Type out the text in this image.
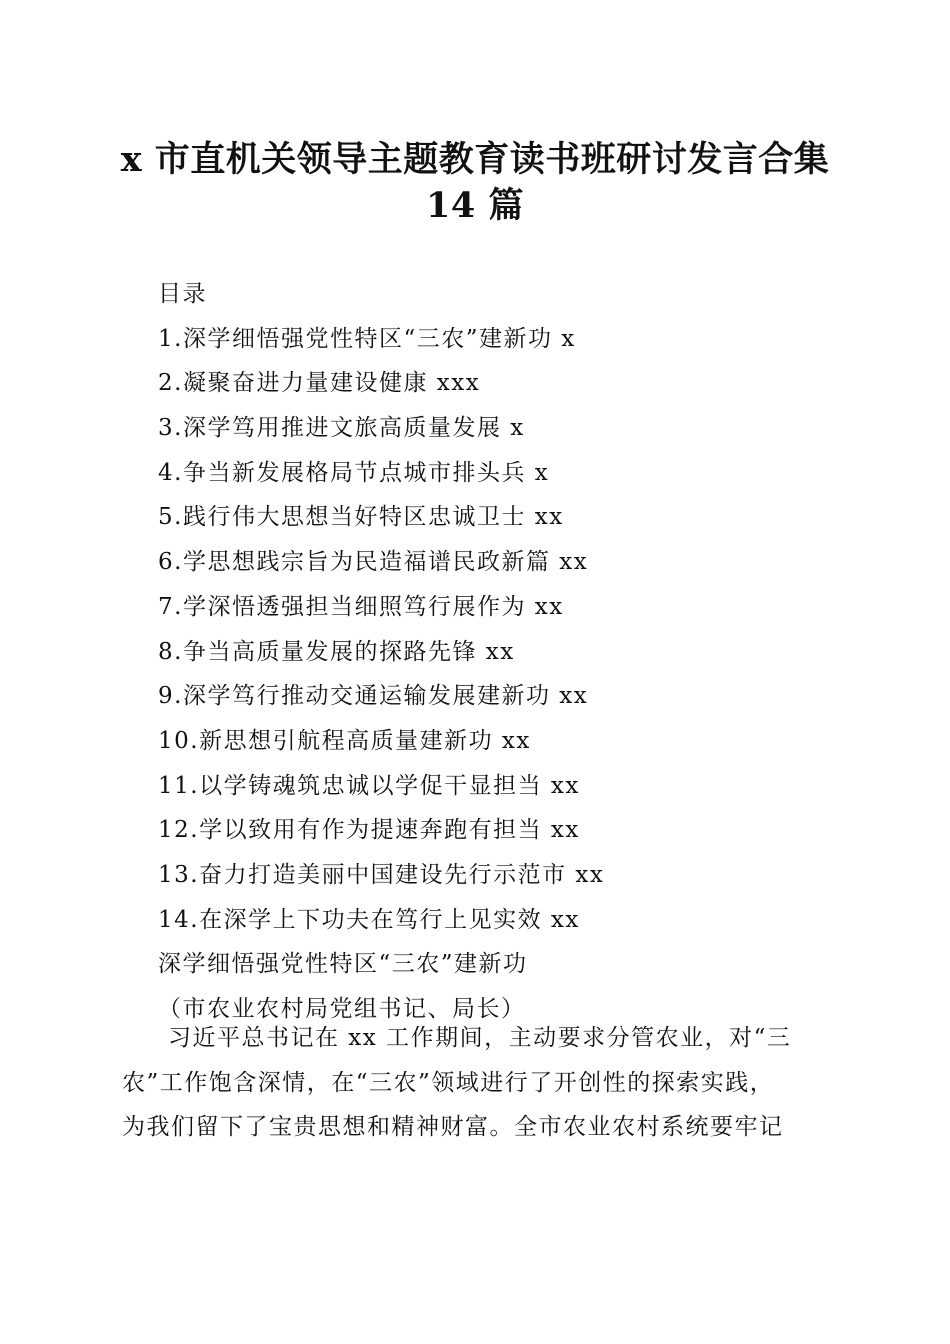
x 市直机关领导主题教育读书班研讨发言合集
14 篇
目录
1.深学细悟强党性特区“三农”建新功 x
2.凝聚奋进力量建设健康 xxx
3.深学笃用推进文旅高质量发展 x
4.争当新发展格局节点城市排头兵 x
5.践行伟大思想当好特区忠诚卫士 xx
6.学思想践宗旨为民造福谱民政新篇 xx
7.学深悟透强担当细照笃行展作为 xx
8.争当高质量发展的探路先锋 xx
9.深学笃行推动交通运输发展建新功 xx
10.新思想引航程高质量建新功 xx
11.以学铸魂筑忠诚以学促干显担当 xx
12.学以致用有作为提速奔跑有担当 xx
13.奋力打造美丽中国建设先行示范市 xx
14.在深学上下功夫在笃行上见实效 xx
深学细悟强党性特区“三农”建新功
（市农业农村局党组书记、局长）
习近平总书记在 xx 工作期间，主动要求分管农业，对“三
农”工作饱含深情，在“三农”领域进行了开创性的探索实践，
为我们留下了宝贵思想和精神财富。全市农业农村系统要牢记
